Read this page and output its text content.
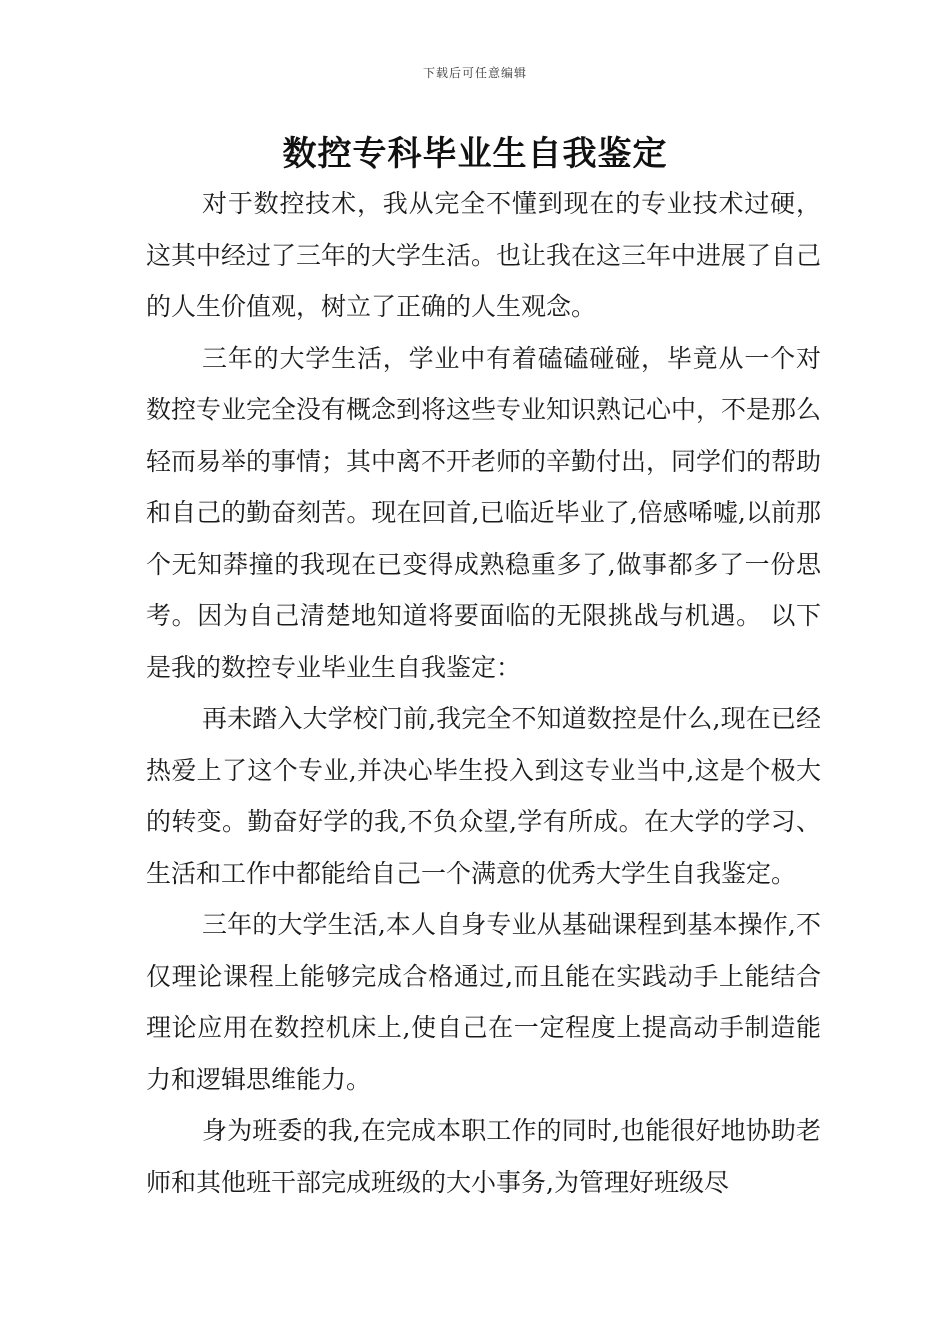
下载后可任意编辑
数控专科毕业生自我鉴定

对于数控技术，我从完全不懂到现在的专业技术过硬，这其中经过了三年的大学生活。也让我在这三年中进展了自己的人生价值观，树立了正确的人生观念。

三年的大学生活，学业中有着磕磕碰碰，毕竟从一个对数控专业完全没有概念到将这些专业知识熟记心中，不是那么轻而易举的事情；其中离不开老师的辛勤付出，同学们的帮助和自己的勤奋刻苦。现在回首,已临近毕业了,倍感唏嘘,以前那个无知莽撞的我现在已变得成熟稳重多了,做事都多了一份思考。因为自己清楚地知道将要面临的无限挑战与机遇。 以下是我的数控专业毕业生自我鉴定：

再未踏入大学校门前,我完全不知道数控是什么,现在已经热爱上了这个专业,并决心毕生投入到这专业当中,这是个极大的转变。勤奋好学的我,不负众望,学有所成。在大学的学习、生活和工作中都能给自己一个满意的优秀大学生自我鉴定。

三年的大学生活,本人自身专业从基础课程到基本操作,不仅理论课程上能够完成合格通过,而且能在实践动手上能结合理论应用在数控机床上,使自己在一定程度上提高动手制造能力和逻辑思维能力。

身为班委的我,在完成本职工作的同时,也能很好地协助老师和其他班干部完成班级的大小事务,为管理好班级尽
